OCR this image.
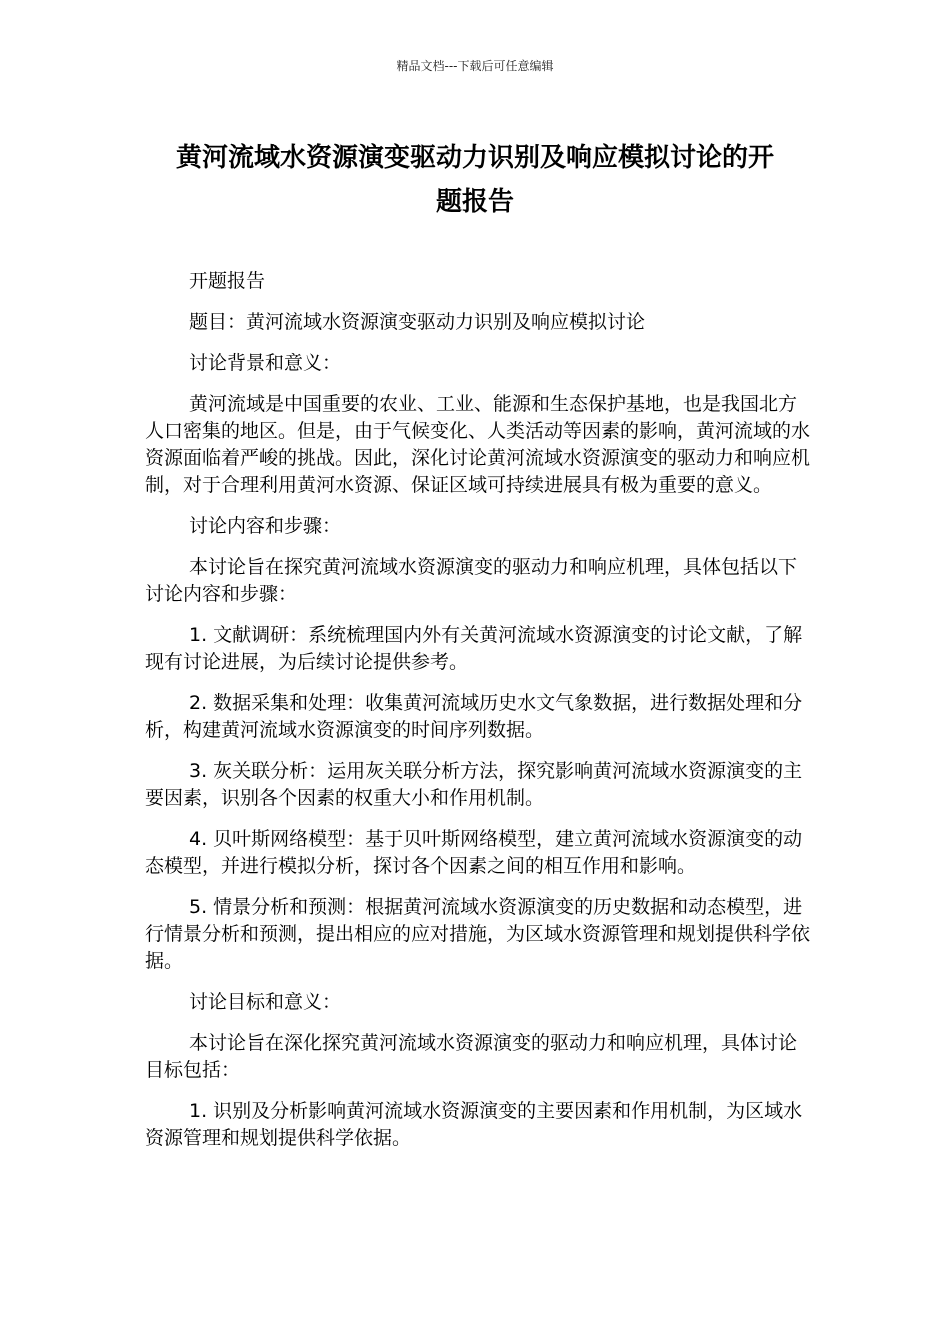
精品文档---下载后可任意编辑
黄河流域水资源演变驱动力识别及响应模拟讨论的开
题报告

开题报告

题目：黄河流域水资源演变驱动力识别及响应模拟讨论

讨论背景和意义：

黄河流域是中国重要的农业、工业、能源和生态保护基地，也是我国北方人口密集的地区。但是，由于气候变化、人类活动等因素的影响，黄河流域的水资源面临着严峻的挑战。因此，深化讨论黄河流域水资源演变的驱动力和响应机制，对于合理利用黄河水资源、保证区域可持续进展具有极为重要的意义。

讨论内容和步骤：

本讨论旨在探究黄河流域水资源演变的驱动力和响应机理，具体包括以下讨论内容和步骤：

1. 文献调研：系统梳理国内外有关黄河流域水资源演变的讨论文献，了解现有讨论进展，为后续讨论提供参考。

2. 数据采集和处理：收集黄河流域历史水文气象数据，进行数据处理和分析，构建黄河流域水资源演变的时间序列数据。

3. 灰关联分析：运用灰关联分析方法，探究影响黄河流域水资源演变的主要因素，识别各个因素的权重大小和作用机制。

4. 贝叶斯网络模型：基于贝叶斯网络模型，建立黄河流域水资源演变的动态模型，并进行模拟分析，探讨各个因素之间的相互作用和影响。

5. 情景分析和预测：根据黄河流域水资源演变的历史数据和动态模型，进行情景分析和预测，提出相应的应对措施，为区域水资源管理和规划提供科学依据。

讨论目标和意义：

本讨论旨在深化探究黄河流域水资源演变的驱动力和响应机理，具体讨论目标包括：

1. 识别及分析影响黄河流域水资源演变的主要因素和作用机制，为区域水资源管理和规划提供科学依据。
